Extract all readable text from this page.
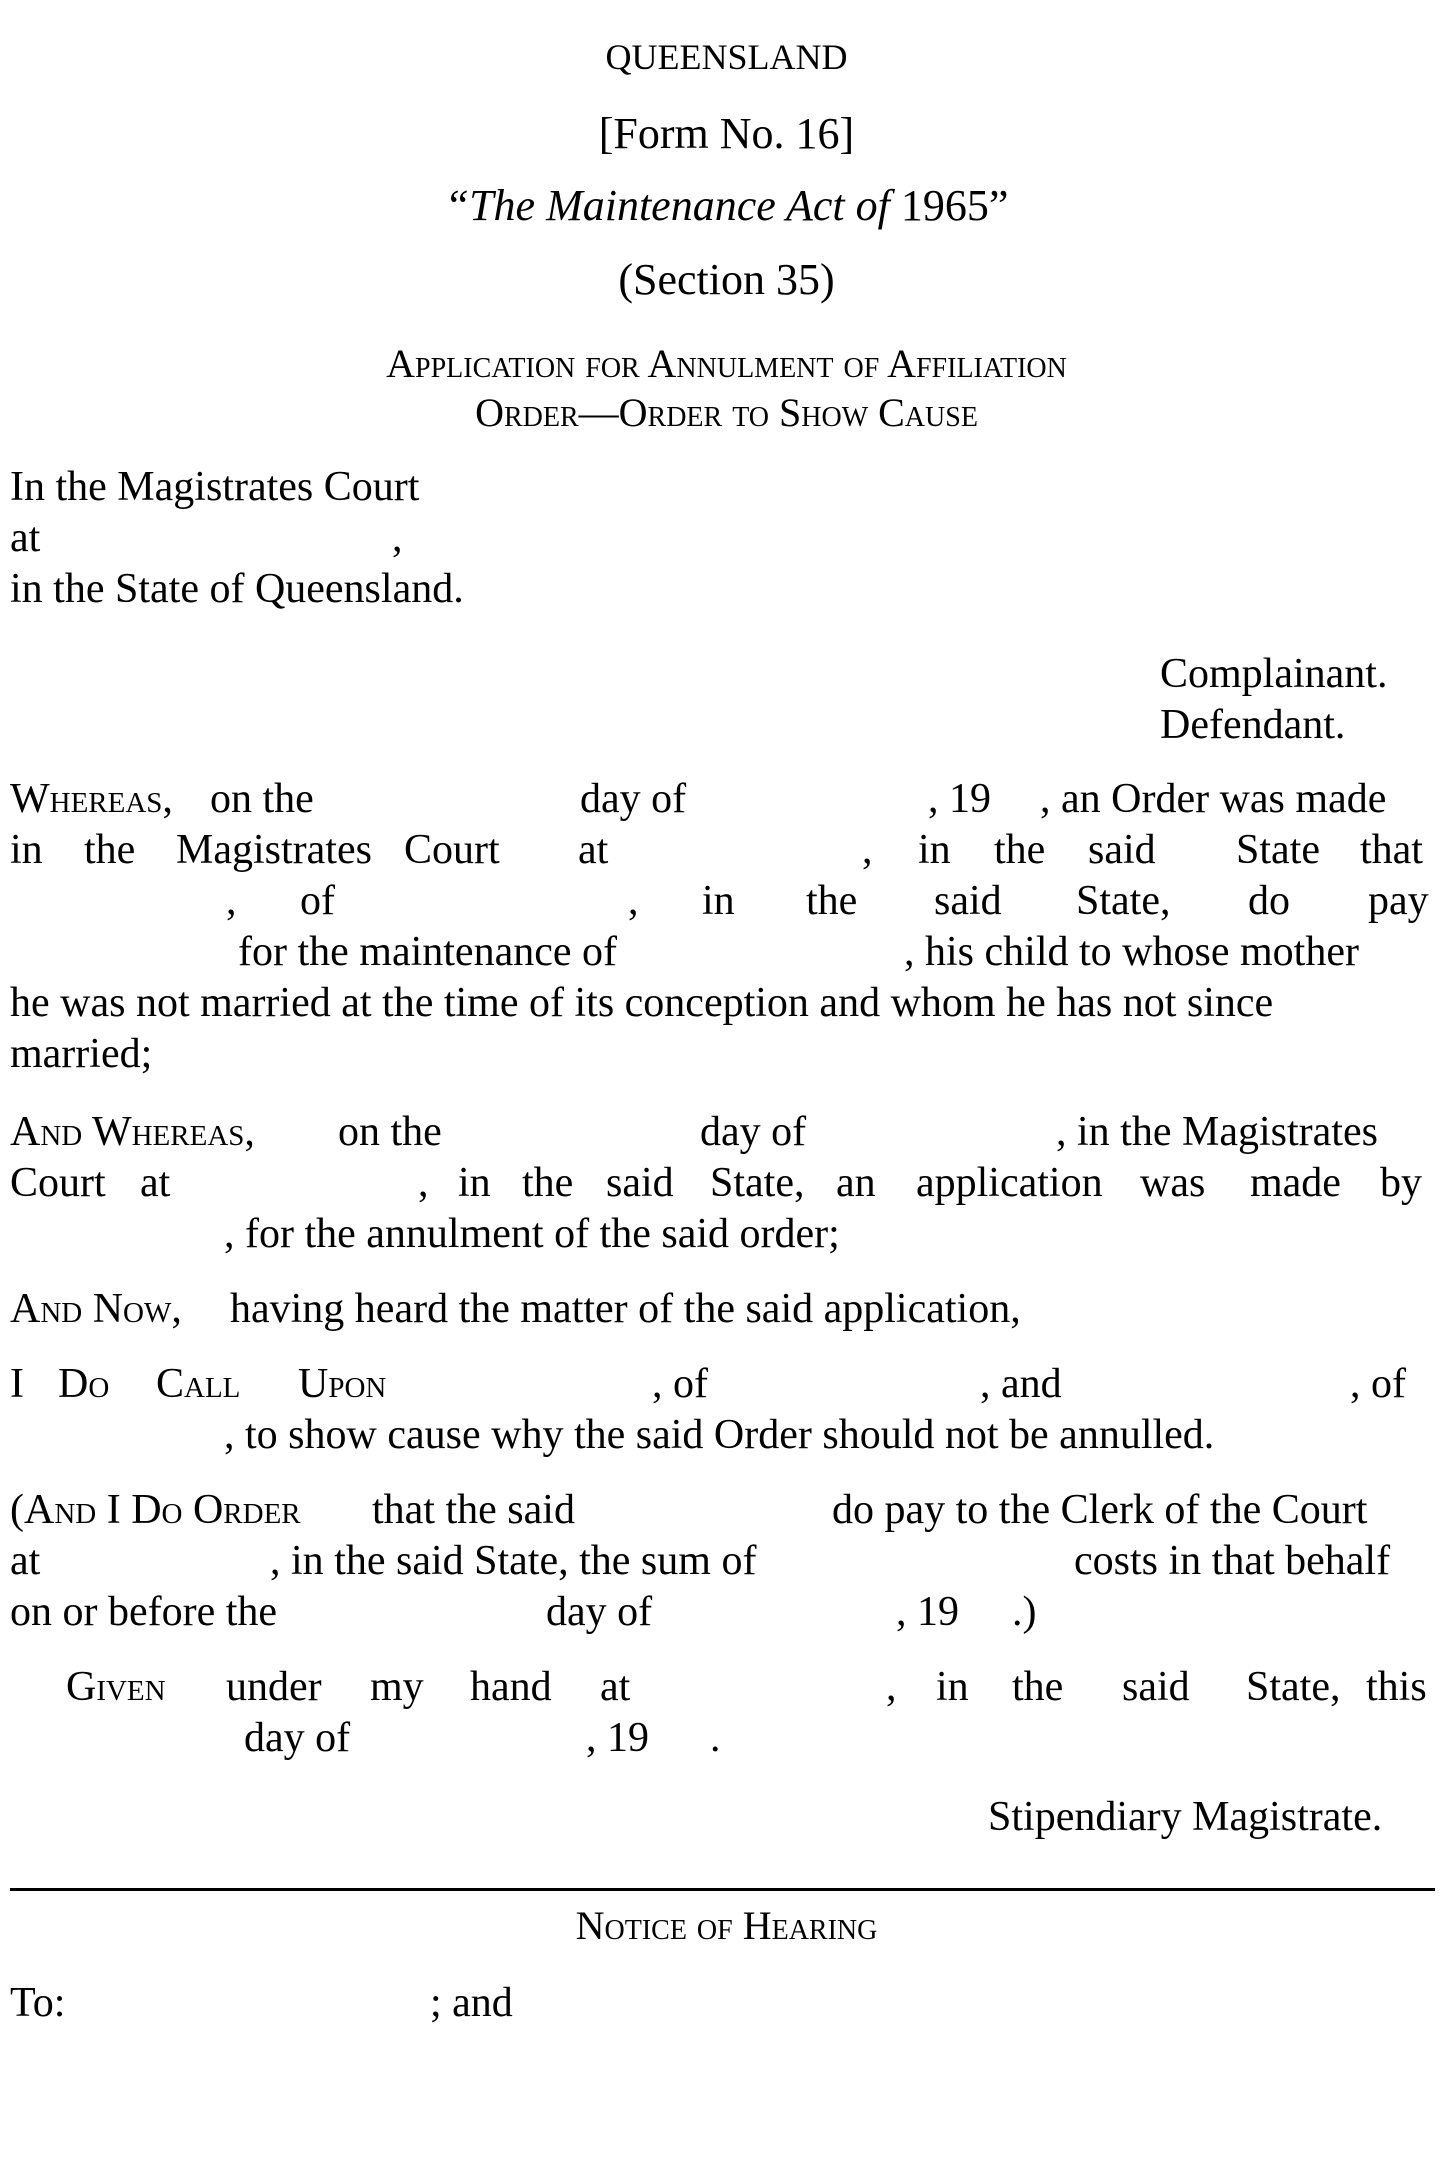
QUEENSLAND
[Form No. 16]
“The Maintenance Act of 1965”
(Section 35)
Application for Annulment of Affiliation
Order—Order to Show Cause
In the Magistrates Court
at	,
in the State of Queensland.
Complainant.
Defendant.
Whereas, on the	day of	, 19 , an Order was made
in the Magistrates Court at	, in the said State that
, of	, in the said State, do pay
for the maintenance of	, his child to whose mother
he was not married at the time of its conception and whom he has not since
married;
And Whereas, on the	day of	, in the Magistrates
Court at	, in the said State, an application was made by
, for the annulment of the said order;
And Now, having heard the matter of the said application,
I Do Call Upon	, of	, and	, of
, to show cause why the said Order should not be annulled.
(And I Do Order that the said	do pay to the Clerk of the Court
at	, in the said State, the sum of	costs in that behalf
on or before the	day of	, 19 .)
Given under my hand at	, in the said State, this
day of	, 19 .
Stipendiary Magistrate.
Notice of Hearing
To:	; and
